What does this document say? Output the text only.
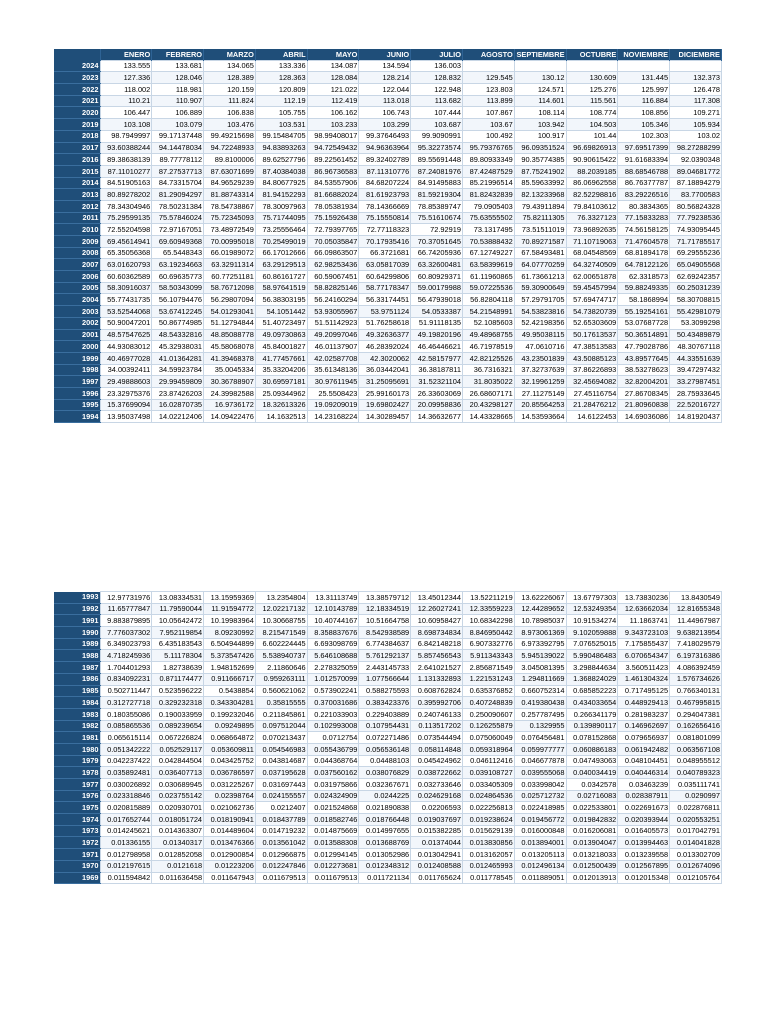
	ENERO	FEBRERO	MARZO	ABRIL	MAYO	JUNIO	JULIO	AGOSTO	SEPTIEMBRE	OCTUBRE	NOVIEMBRE	DICIEMBRE
2024	133.555	133.681	134.065	133.336	134.087	134.594	136.003					
2023	127.336	128.046	128.389	128.363	128.084	128.214	128.832	129.545	130.12	130.609	131.445	132.373
2022	118.002	118.981	120.159	120.809	121.022	122.044	122.948	123.803	124.571	125.276	125.997	126.478
2021	110.21	110.907	111.824	112.19	112.419	113.018	113.682	113.899	114.601	115.561	116.884	117.308
2020	106.447	106.889	106.838	105.755	106.162	106.743	107.444	107.867	108.114	108.774	108.856	109.271
2019	103.108	103.079	103.476	103.531	103.233	103.299	103.687	103.67	103.942	104.503	105.346	105.934
2018	98.7949997	99.17137448	99.49215698	99.15484705	98.99408017	99.37646493	99.9090991	100.492	100.917	101.44	102.303	103.02
2017	93.60388244	94.14478034	94.72248933	94.83893263	94.72549432	94.96363964	95.32273574	95.79376765	96.09351524	96.69826913	97.69517399	98.27288299
2016	89.38638139	89.77778112	89.8100006	89.62527796	89.22561452	89.32402789	89.55691448	89.80933349	90.35774385	90.90615422	91.61683394	92.0390348
2015	87.11010277	87.27537713	87.63071699	87.40384038	86.96736583	87.11310776	87.24081976	87.42487529	87.75241902	88.2039185	88.68546788	89.04681772
2014	84.51905163	84.73315704	84.96529239	84.80677925	84.53557906	84.68207224	84.91495883	85.21996514	85.59633992	86.06962558	86.76377787	87.18894279
2013	80.89278202	81.29094297	81.88743314	81.94152293	81.66882024	81.61923793	81.59219304	81.82432839	82.13233968	82.52298816	83.29226516	83.7700583
2012	78.34304946	78.50231384	78.54738867	78.30097963	78.05381934	78.14366669	78.85389747	79.0905403	79.43911894	79.84103612	80.3834365	80.56824328
2011	75.29599135	75.57846024	75.72345093	75.71744095	75.15926438	75.15550814	75.51610674	75.63555502	75.82111305	76.3327123	77.15833283	77.79238536
2010	72.55204598	72.97167051	73.48972549	73.25556464	72.79397765	72.77118323	72.92919	73.1317495	73.51511019	73.96892635	74.56158125	74.93095445
2009	69.45614941	69.60949368	70.00995018	70.25499019	70.05035847	70.17935416	70.37051645	70.53888432	70.89271587	71.10719063	71.47604578	71.71785517
2008	65.35056368	65.5448343	66.01989072	66.17012666	66.09863507	66.3721681	66.74205936	67.12749227	67.58493481	68.04548569	68.81894178	69.29555236
2007	63.01620793	63.19234663	63.32911314	63.29129513	62.98253436	63.05817039	63.32600481	63.58399619	64.07770259	64.32740509	64.78122126	65.04905568
2006	60.60362589	60.69635773	60.77251181	60.86161727	60.59067451	60.64299806	60.80929371	61.11960865	61.73661213	62.00651878	62.3318573	62.69242357
2005	58.30916037	58.50343099	58.76712098	58.97641519	58.82825146	58.77178347	59.00179988	59.07225536	59.30900649	59.45457994	59.88249335	60.25031239
2004	55.77431735	56.10794476	56.29807094	56.38303195	56.24160294	56.33174451	56.47939018	56.82804118	57.29791705	57.69474717	58.1868994	58.30708815
2003	53.52544068	53.67412245	54.01293041	54.1051442	53.93055967	53.9751124	54.0533387	54.21548991	54.53823816	54.73820739	55.19254161	55.42981079
2002	50.90047201	50.86774985	51.12794844	51.40723497	51.51142923	51.76258618	51.91118135	52.1085603	52.42198356	52.65303609	53.07687728	53.3099298
2001	48.57547625	48.54332816	48.85088778	49.09730863	49.20997046	49.32636377	49.19820196	49.48968755	49.95038115	50.17613537	50.36514891	50.43489879
2000	44.93083012	45.32938031	45.58068078	45.84001827	46.01137907	46.28392024	46.46446621	46.71978519	47.0610716	47.38513583	47.79028786	48.30767118
1999	40.46977028	41.01364281	41.39468378	41.77457661	42.02587708	42.3020062	42.58157977	42.82125526	43.23501839	43.50885123	43.89577645	44.33551639
1998	34.00392411	34.59923784	35.0045334	35.33204206	35.61348136	36.03442041	36.38187811	36.7316321	37.32737639	37.86226893	38.53278623	39.47297432
1997	29.49888603	29.99459809	30.36788907	30.69597181	30.97611945	31.25095691	31.52321104	31.8035022	32.19961259	32.45694082	32.82004201	33.27987451
1996	23.32975376	23.87426203	24.39982588	25.09344962	25.5508423	25.99160173	26.33603069	26.68607171	27.11275149	27.45116754	27.86708345	28.75933645
1995	15.37699094	16.02870735	16.9736172	18.32613326	19.09209019	19.69802427	20.09958836	20.43298127	20.85564253	21.28476212	21.80960838	22.52016727
1994	13.95037498	14.02212406	14.09422476	14.1632513	14.23168224	14.30289457	14.36632677	14.43328665	14.53593664	14.6122453	14.69036086	14.81920437
1993	12.97731976	13.08334531	13.15959369	13.2354804	13.31113749	13.38579712	13.45012344	13.52211219	13.62226067	13.67797303	13.73830236	13.8430549
1992	11.65777847	11.79590044	11.91594772	12.02217132	12.10143789	12.18334519	12.26027241	12.33559223	12.44289652	12.53249354	12.63662034	12.81655348
1991	9.883879895	10.05642472	10.19983964	10.30668755	10.40744167	10.51664758	10.60958427	10.68342298	10.78985037	10.91534274	11.1863741	11.44967987
1990	7.776037302	7.952119854	8.09230992	8.215471549	8.358837676	8.542938589	8.698734834	8.846950442	8.973061369	9.102059888	9.343723103	9.638213954
1989	6.349023793	6.435183543	6.504944899	6.602224445	6.693098769	6.774384637	6.842148218	6.907332776	6.973392795	7.076525015	7.175855437	7.418029579
1988	4.718245936	5.11178304	5.373547426	5.538940737	5.646108688	5.761292137	5.857456543	5.911343343	5.945139022	5.990486483	6.070654347	6.197316386
1987	1.704401293	1.82738639	1.948152699	2.11860646	2.278325059	2.443145733	2.641021527	2.856871549	3.045081395	3.298844634	3.560511423	4.086392459
1986	0.834092231	0.871174477	0.911666717	0.959263111	1.012570099	1.077566644	1.131332893	1.221531243	1.294811669	1.368824029	1.461304324	1.576734626
1985	0.502711447	0.523596222	0.5438854	0.560621062	0.573902241	0.588275593	0.608762824	0.635376852	0.660752314	0.685852223	0.717495125	0.766340131
1984	0.312727718	0.329232318	0.343304281	0.35815555	0.370031686	0.383423376	0.395992706	0.407248839	0.419380438	0.434033654	0.448929413	0.467995815
1983	0.180355086	0.190033959	0.199232046	0.211845861	0.221033903	0.229403889	0.240746133	0.250090607	0.257787495	0.266341179	0.281983237	0.294047381
1982	0.085865536	0.089239654	0.09249895	0.097512044	0.102993008	0.107954431	0.113517202	0.126255879	0.1329955	0.139890117	0.146962697	0.162656416
1981	0.065615114	0.067226824	0.068664872	0.070213437	0.0712754	0.072271486	0.073544494	0.075060049	0.076456481	0.078152868	0.079656937	0.081801099
1980	0.051342222	0.052529117	0.053609811	0.054546983	0.055436799	0.056536148	0.058114848	0.059318964	0.059977777	0.060886183	0.061942482	0.063567108
1979	0.042237422	0.042844504	0.043425752	0.043814687	0.044368764	0.04488103	0.045424962	0.046112416	0.046677878	0.047493063	0.048104451	0.048955512
1978	0.035892481	0.036407713	0.036786597	0.037195628	0.037560162	0.038076829	0.038722662	0.039108727	0.039555068	0.040034419	0.040446314	0.040789323
1977	0.030026892	0.030689945	0.031225267	0.031697443	0.031975866	0.032367671	0.032733646	0.033405309	0.033998042	0.0342578	0.03463239	0.035111741
1976	0.023318846	0.023755142	0.02398764	0.024155557	0.024324909	0.0244225	0.024629168	0.024864536	0.025712732	0.02716083	0.028387911	0.0290997
1975	0.020815889	0.020930701	0.021062736	0.0212407	0.021524868	0.021890838	0.02206593	0.022256813	0.022418985	0.022533801	0.022691673	0.022876811
1974	0.017652744	0.018051724	0.018190941	0.018437789	0.018582746	0.018766448	0.019037697	0.019238624	0.019456772	0.019842832	0.020393944	0.020553251
1973	0.014245621	0.014363307	0.014489604	0.014719232	0.014875669	0.014997655	0.015382285	0.015629139	0.016000848	0.016206081	0.016405573	0.017042791
1972	0.01336155	0.01340317	0.013476366	0.013561042	0.013588308	0.013688769	0.01374044	0.013830856	0.013894001	0.013904047	0.013994463	0.014041828
1971	0.012798958	0.012852058	0.012900854	0.012966875	0.012994145	0.013052986	0.013042941	0.013162057	0.013205113	0.013218033	0.013239558	0.013302709
1970	0.012197615	0.0121618	0.01223206	0.012247846	0.012273681	0.012348312	0.012408588	0.012465993	0.012496134	0.012500439	0.012567895	0.012674096
1969	0.011594842	0.011636458	0.011647943	0.011679513	0.011679513	0.011721134	0.011765624	0.011778545	0.011889051	0.012013913	0.012015348	0.012105764
